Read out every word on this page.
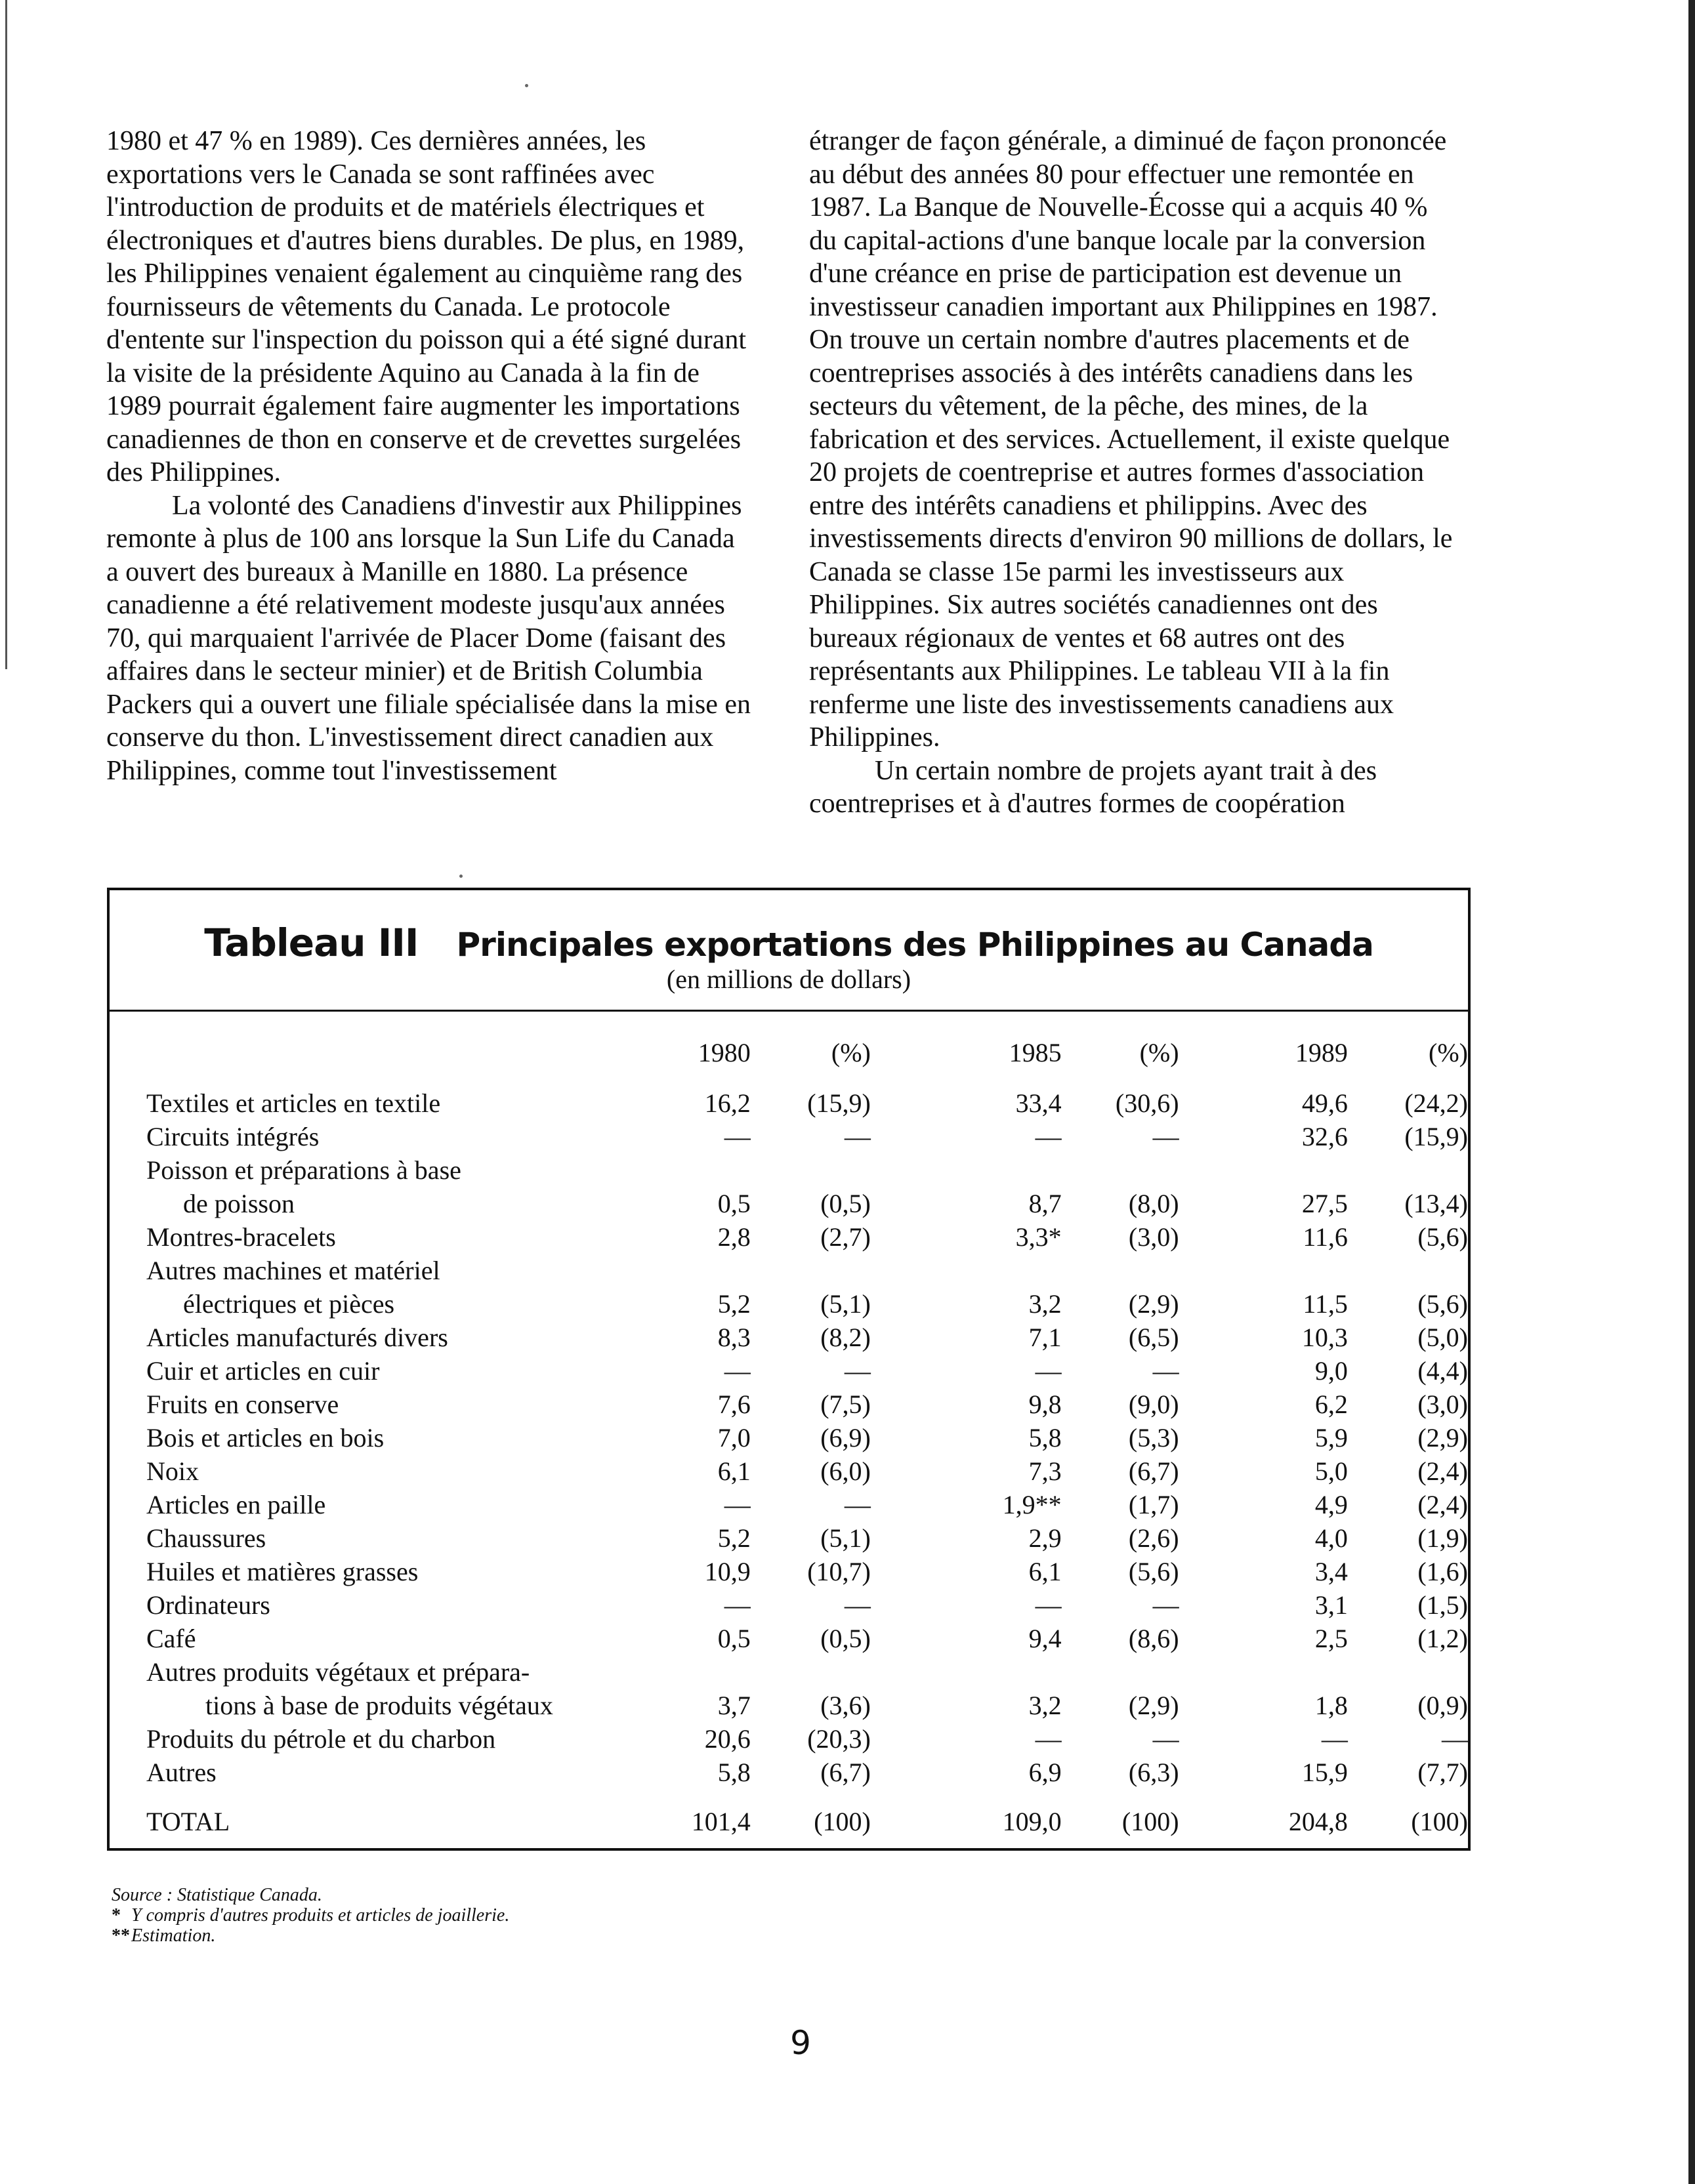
1980 et 47 % en 1989). Ces dernières années, les exportations vers le Canada se sont raffinées avec l'introduction de produits et de matériels électriques et électroniques et d'autres biens durables. De plus, en 1989, les Philippines venaient également au cinquième rang des fournisseurs de vêtements du Canada. Le protocole d'entente sur l'inspection du poisson qui a été signé durant la visite de la présidente Aquino au Canada à la fin de 1989 pourrait également faire augmenter les importations canadiennes de thon en conserve et de crevettes surgelées des Philippines.

La volonté des Canadiens d'investir aux Philippines remonte à plus de 100 ans lorsque la Sun Life du Canada a ouvert des bureaux à Manille en 1880. La présence canadienne a été relativement modeste jusqu'aux années 70, qui marquaient l'arrivée de Placer Dome (faisant des affaires dans le secteur minier) et de British Columbia Packers qui a ouvert une filiale spécialisée dans la mise en conserve du thon. L'investissement direct canadien aux Philippines, comme tout l'investissement

étranger de façon générale, a diminué de façon prononcée au début des années 80 pour effectuer une remontée en 1987. La Banque de Nouvelle-Écosse qui a acquis 40 % du capital-actions d'une banque locale par la conversion d'une créance en prise de participation est devenue un investisseur canadien important aux Philippines en 1987. On trouve un certain nombre d'autres placements et de coentreprises associés à des intérêts canadiens dans les secteurs du vêtement, de la pêche, des mines, de la fabrication et des services. Actuellement, il existe quelque 20 projets de coentreprise et autres formes d'association entre des intérêts canadiens et philippins. Avec des investissements directs d'environ 90 millions de dollars, le Canada se classe 15e parmi les investisseurs aux Philippines. Six autres sociétés canadiennes ont des bureaux régionaux de ventes et 68 autres ont des représentants aux Philippines. Le tableau VII à la fin renferme une liste des investissements canadiens aux Philippines.

Un certain nombre de projets ayant trait à des coentreprises et à d'autres formes de coopération

Tableau III Principales exportations des Philippines au Canada
(en millions de dollars)
	1980	(%)	1985	(%)	1989	(%)
Textiles et articles en textile	16,2	(15,9)	33,4	(30,6)	49,6	(24,2)
Circuits intégrés	—	—	—	—	32,6	(15,9)
Poisson et préparations à base						
de poisson	0,5	(0,5)	8,7	(8,0)	27,5	(13,4)
Montres-bracelets	2,8	(2,7)	3,3*	(3,0)	11,6	(5,6)
Autres machines et matériel						
électriques et pièces	5,2	(5,1)	3,2	(2,9)	11,5	(5,6)
Articles manufacturés divers	8,3	(8,2)	7,1	(6,5)	10,3	(5,0)
Cuir et articles en cuir	—	—	—	—	9,0	(4,4)
Fruits en conserve	7,6	(7,5)	9,8	(9,0)	6,2	(3,0)
Bois et articles en bois	7,0	(6,9)	5,8	(5,3)	5,9	(2,9)
Noix	6,1	(6,0)	7,3	(6,7)	5,0	(2,4)
Articles en paille	—	—	1,9**	(1,7)	4,9	(2,4)
Chaussures	5,2	(5,1)	2,9	(2,6)	4,0	(1,9)
Huiles et matières grasses	10,9	(10,7)	6,1	(5,6)	3,4	(1,6)
Ordinateurs	—	—	—	—	3,1	(1,5)
Café	0,5	(0,5)	9,4	(8,6)	2,5	(1,2)
Autres produits végétaux et prépara-						
tions à base de produits végétaux	3,7	(3,6)	3,2	(2,9)	1,8	(0,9)
Produits du pétrole et du charbon	20,6	(20,3)	—	—	—	—
Autres	5,8	(6,7)	6,9	(6,3)	15,9	(7,7)
TOTAL	101,4	(100)	109,0	(100)	204,8	(100)
Source : Statistique Canada.
* Y compris d'autres produits et articles de joaillerie.
**Estimation.
9
